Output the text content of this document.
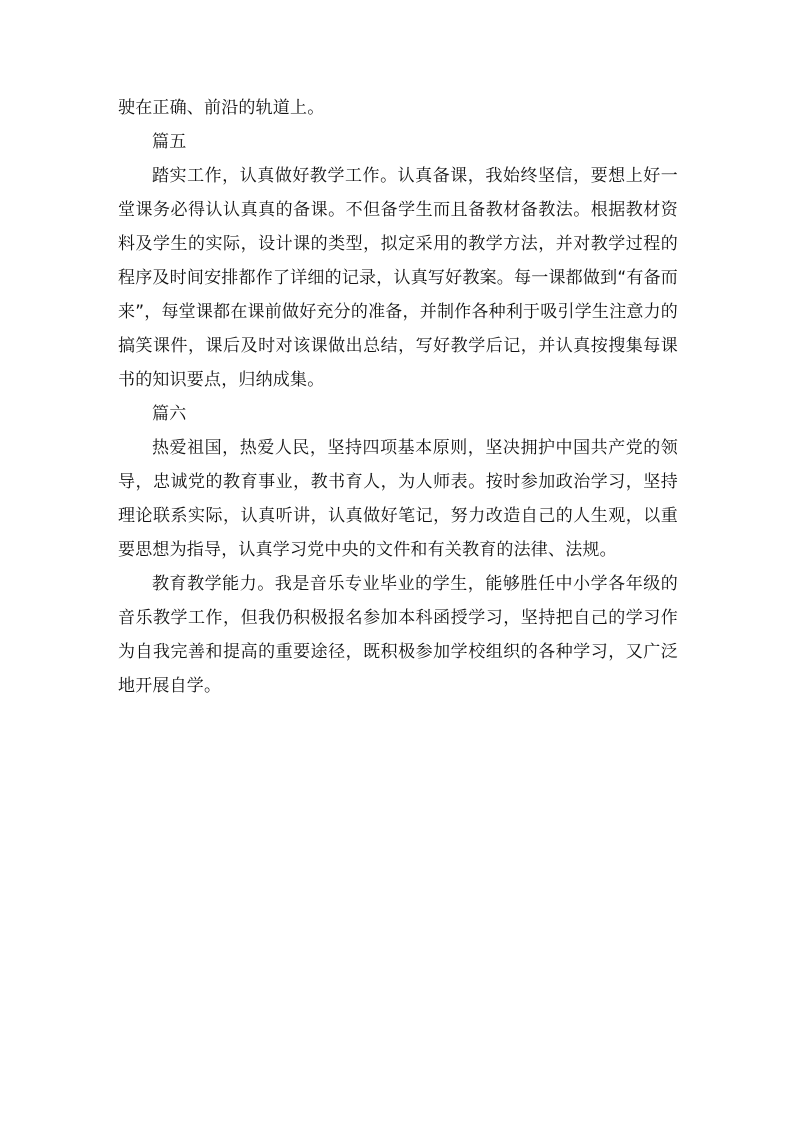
驶在正确、前沿的轨道上。

篇五

踏实工作，认真做好教学工作。认真备课，我始终坚信，要想上好一堂课务必得认认真真的备课。不但备学生而且备教材备教法。根据教材资料及学生的实际，设计课的类型，拟定采用的教学方法，并对教学过程的程序及时间安排都作了详细的记录，认真写好教案。每一课都做到“有备而来”，每堂课都在课前做好充分的准备，并制作各种利于吸引学生注意力的搞笑课件，课后及时对该课做出总结，写好教学后记，并认真按搜集每课书的知识要点，归纳成集。

篇六

热爱祖国，热爱人民，坚持四项基本原则，坚决拥护中国共产党的领导，忠诚党的教育事业，教书育人，为人师表。按时参加政治学习，坚持理论联系实际，认真听讲，认真做好笔记，努力改造自己的人生观，以重要思想为指导，认真学习党中央的文件和有关教育的法律、法规。

教育教学能力。我是音乐专业毕业的学生，能够胜任中小学各年级的音乐教学工作，但我仍积极报名参加本科函授学习，坚持把自己的学习作为自我完善和提高的重要途径，既积极参加学校组织的各种学习，又广泛地开展自学。
